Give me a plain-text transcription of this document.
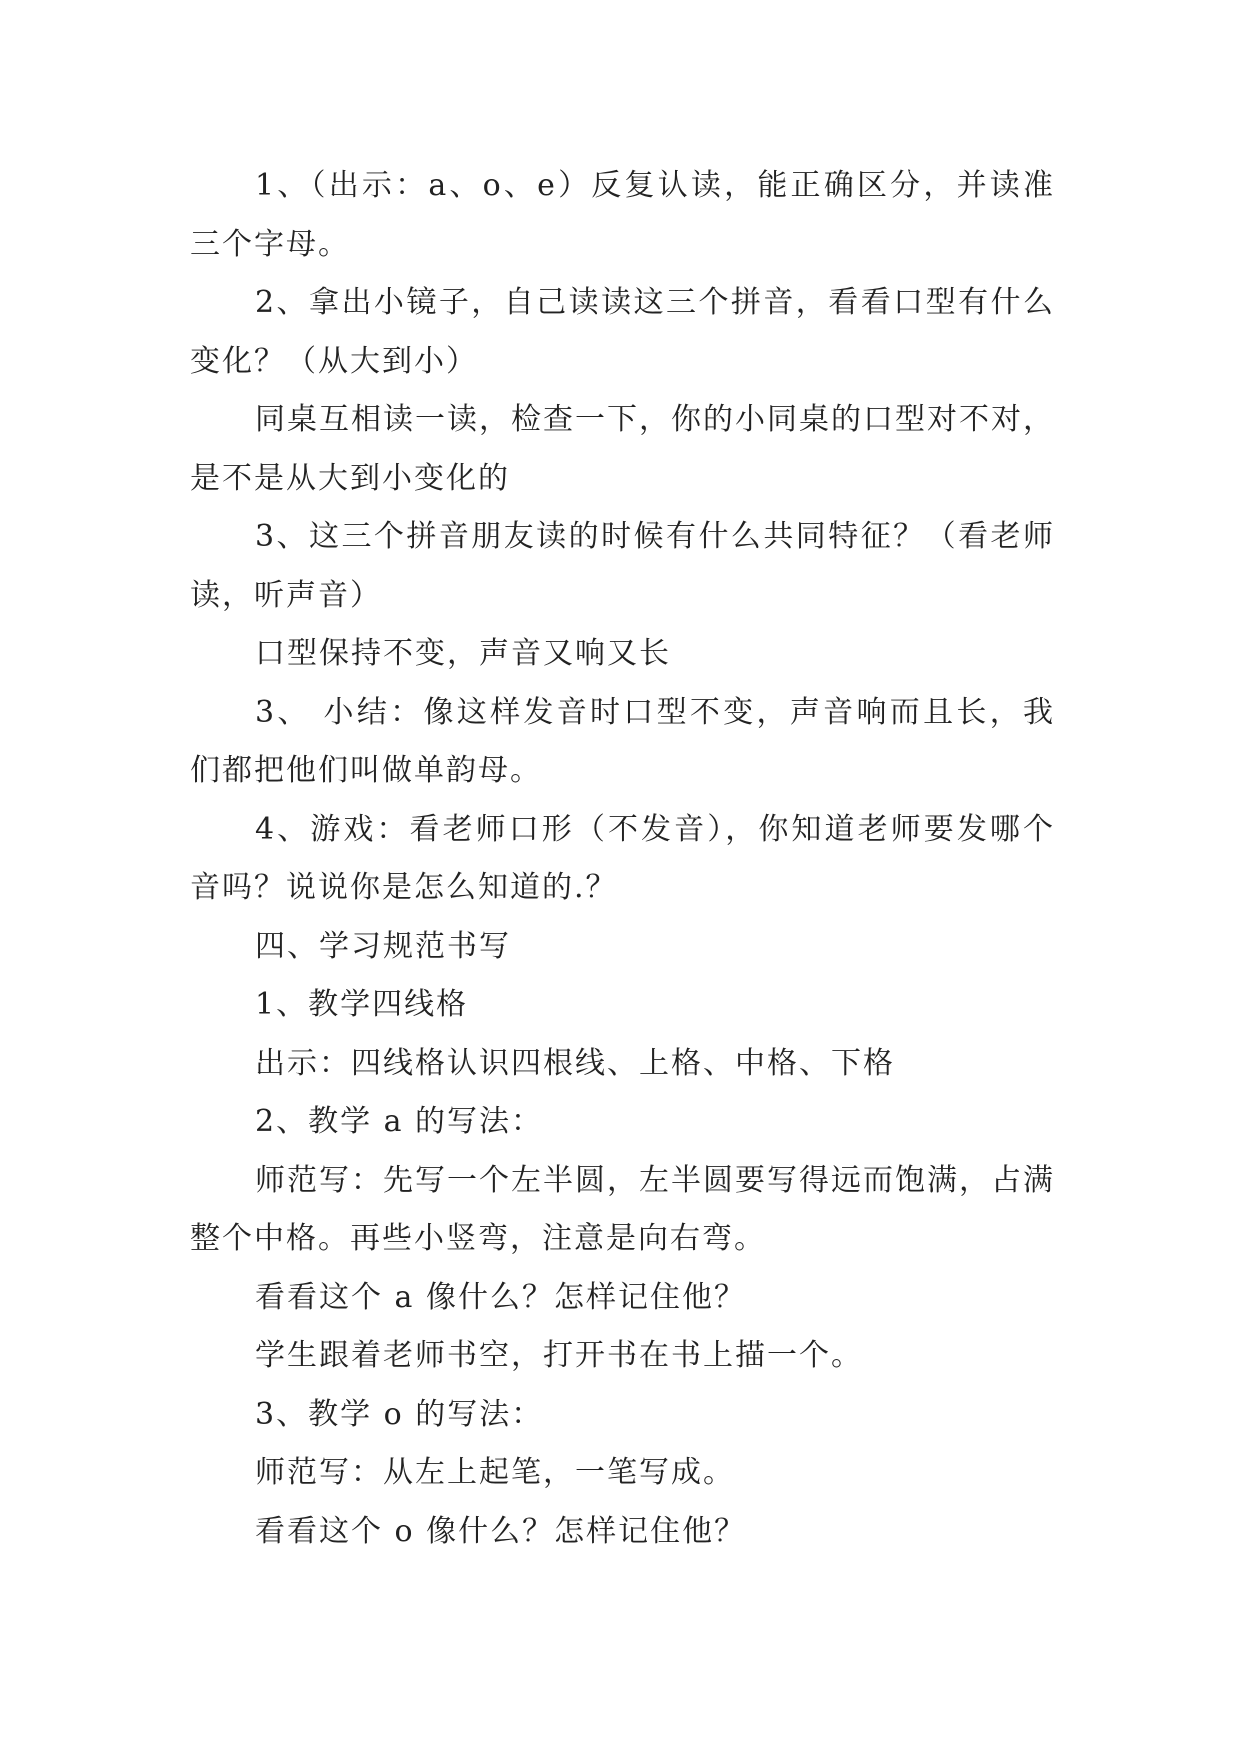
1、（出示：a、o、e）反复认读，能正确区分，并读准三个字母。

2、拿出小镜子，自己读读这三个拼音，看看口型有什么变化？（从大到小）

同桌互相读一读，检查一下，你的小同桌的口型对不对，是不是从大到小变化的

3、这三个拼音朋友读的时候有什么共同特征？（看老师读，听声音）

口型保持不变，声音又响又长

3、 小结：像这样发音时口型不变，声音响而且长，我们都把他们叫做单韵母。

4、游戏：看老师口形（不发音），你知道老师要发哪个音吗？说说你是怎么知道的.？

四、学习规范书写

1、教学四线格

出示：四线格认识四根线、上格、中格、下格

2、教学 a 的写法：

师范写：先写一个左半圆，左半圆要写得远而饱满，占满整个中格。再些小竖弯，注意是向右弯。

看看这个 a 像什么？怎样记住他？

学生跟着老师书空，打开书在书上描一个。

3、教学 o 的写法：

师范写：从左上起笔，一笔写成。

看看这个 o 像什么？怎样记住他？
